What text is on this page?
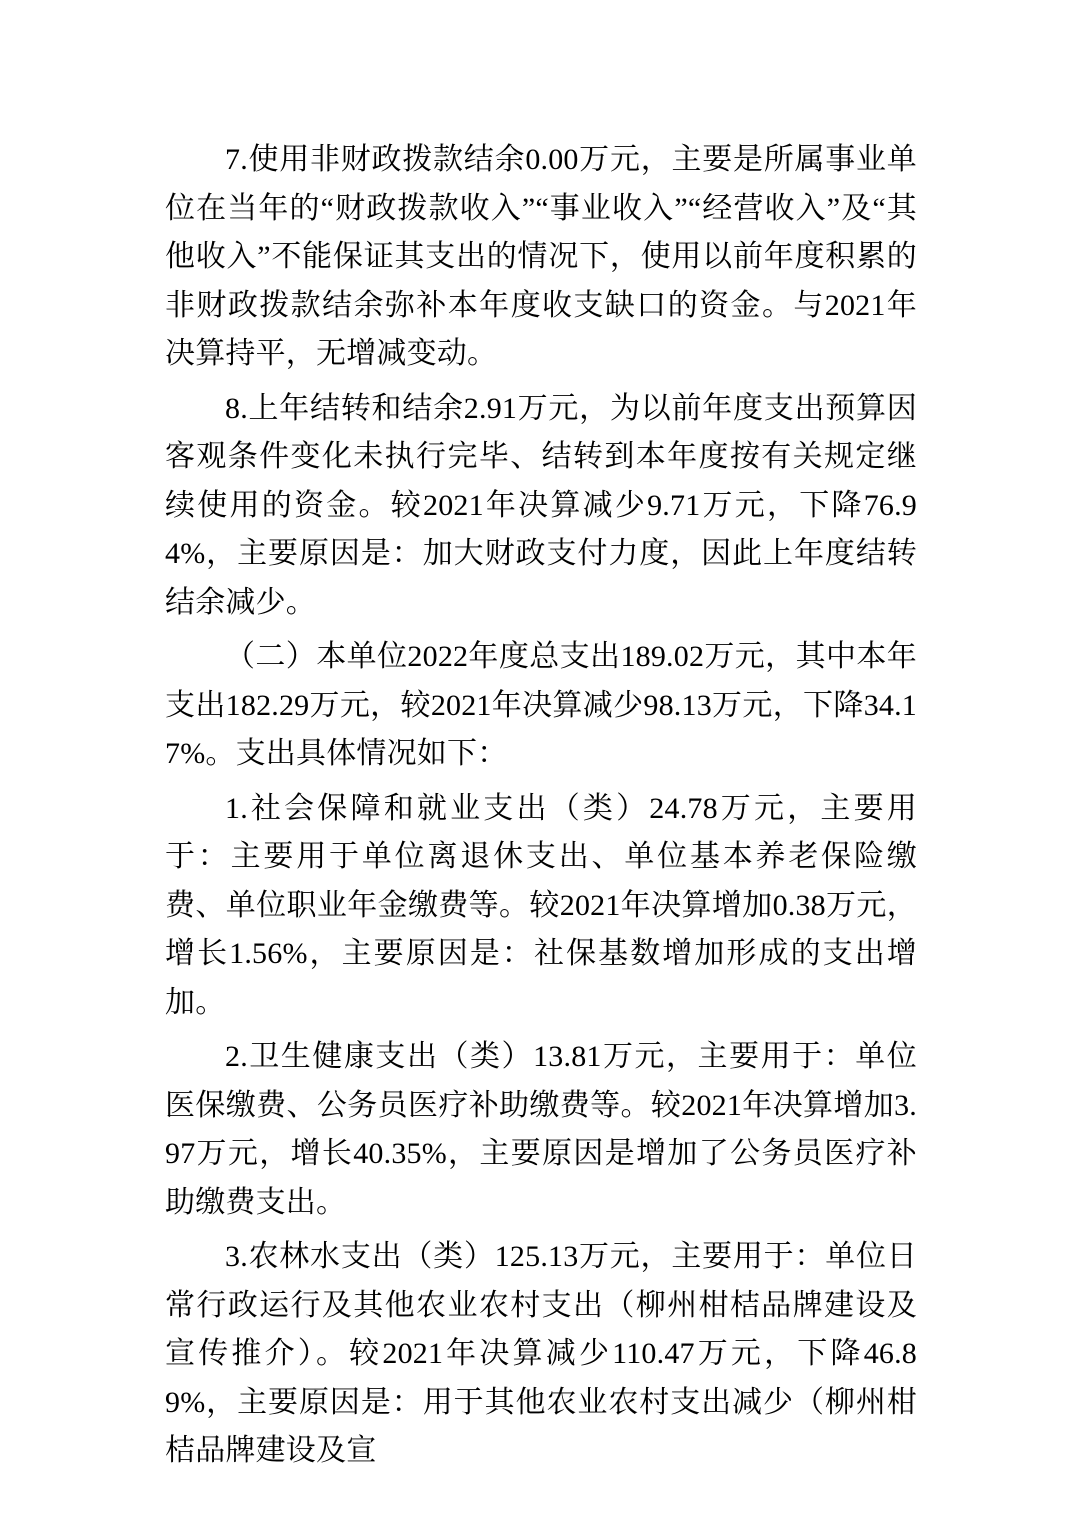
7.使用非财政拨款结余0.00万元，主要是所属事业单位在当年的“财政拨款收入”“事业收入”“经营收入”及“其他收入”不能保证其支出的情况下，使用以前年度积累的非财政拨款结余弥补本年度收支缺口的资金。与2021年决算持平，无增减变动。

8.上年结转和结余2.91万元，为以前年度支出预算因客观条件变化未执行完毕、结转到本年度按有关规定继续使用的资金。较2021年决算减少9.71万元，下降76.94%，主要原因是：加大财政支付力度，因此上年度结转结余减少。

（二）本单位2022年度总支出189.02万元，其中本年支出182.29万元，较2021年决算减少98.13万元，下降34.17%。支出具体情况如下：

1.社会保障和就业支出（类）24.78万元，主要用于：主要用于单位离退休支出、单位基本养老保险缴费、单位职业年金缴费等。较2021年决算增加0.38万元，增长1.56%，主要原因是：社保基数增加形成的支出增加。

2.卫生健康支出（类）13.81万元，主要用于：单位医保缴费、公务员医疗补助缴费等。较2021年决算增加3.97万元，增长40.35%，主要原因是增加了公务员医疗补助缴费支出。

3.农林水支出（类）125.13万元，主要用于：单位日常行政运行及其他农业农村支出（柳州柑桔品牌建设及宣传推介）。较2021年决算减少110.47万元，下降46.89%，主要原因是：用于其他农业农村支出减少（柳州柑桔品牌建设及宣
